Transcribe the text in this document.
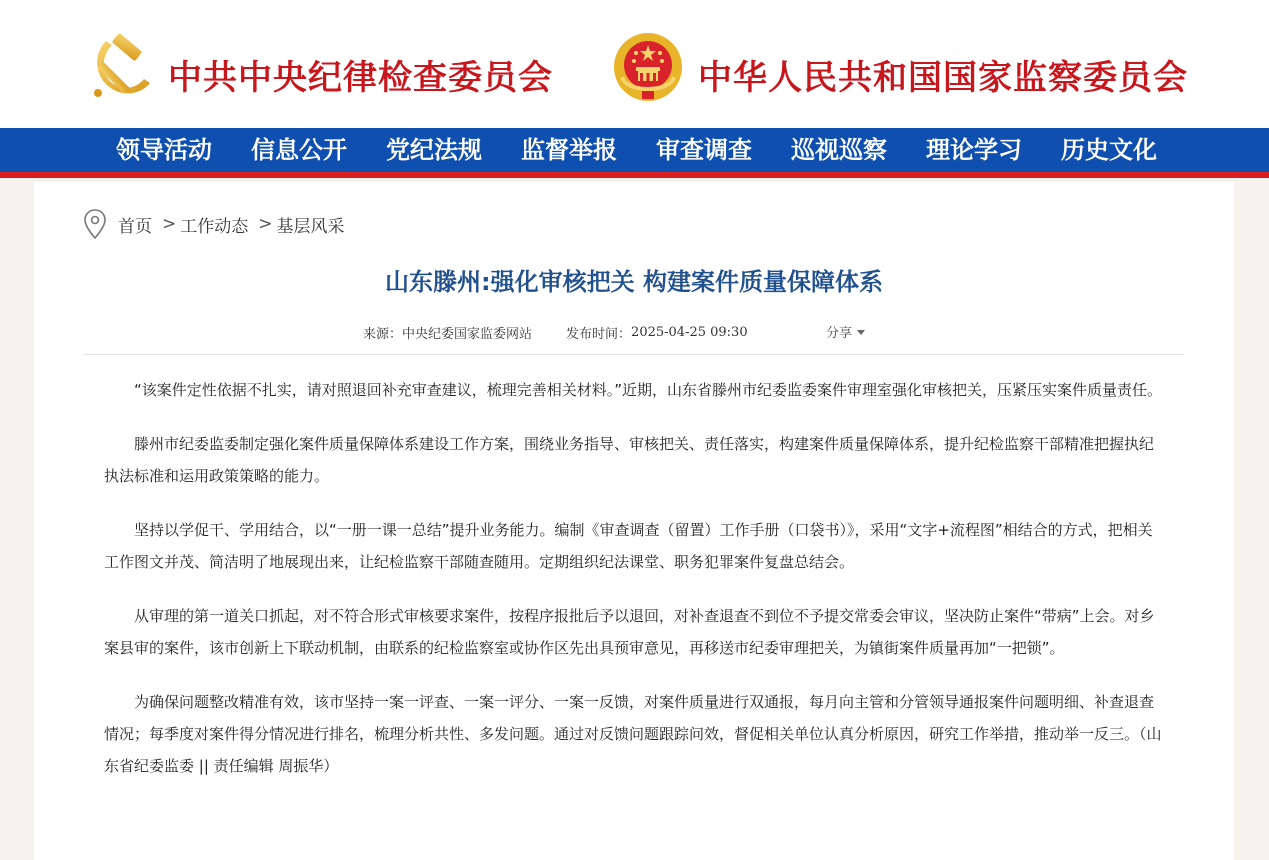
中共中央纪律检查委员会	中华人民共和国国家监察委员会
领导活动	信息公开	党纪法规	监督举报	审查调查	巡视巡察	理论学习	历史文化
首页 > 工作动态 > 基层风采
山东滕州:强化审核把关 构建案件质量保障体系
来源： 中央纪委国家监委网站	发布时间： 2025-04-25 09:30	分享

“该案件定性依据不扎实，请对照退回补充审查建议，梳理完善相关材料。”近期，山东省滕州市纪委监委案件审理室强化审核把关，压紧压实案件质量责任。

滕州市纪委监委制定强化案件质量保障体系建设工作方案，围绕业务指导、审核把关、责任落实，构建案件质量保障体系，提升纪检监察干部精准把握执纪执法标准和运用政策策略的能力。

坚持以学促干、学用结合，以“一册一课一总结”提升业务能力。编制《审查调查（留置）工作手册（口袋书）》，采用“文字+流程图”相结合的方式，把相关工作图文并茂、简洁明了地展现出来，让纪检监察干部随查随用。定期组织纪法课堂、职务犯罪案件复盘总结会。

从审理的第一道关口抓起，对不符合形式审核要求案件，按程序报批后予以退回，对补查退查不到位不予提交常委会审议，坚决防止案件“带病”上会。对乡案县审的案件，该市创新上下联动机制，由联系的纪检监察室或协作区先出具预审意见，再移送市纪委审理把关，为镇街案件质量再加“一把锁”。

为确保问题整改精准有效，该市坚持一案一评查、一案一评分、一案一反馈，对案件质量进行双通报，每月向主管和分管领导通报案件问题明细、补查退查情况；每季度对案件得分情况进行排名，梳理分析共性、多发问题。通过对反馈问题跟踪问效，督促相关单位认真分析原因，研究工作举措，推动举一反三。（山东省纪委监委 || 责任编辑 周振华）
